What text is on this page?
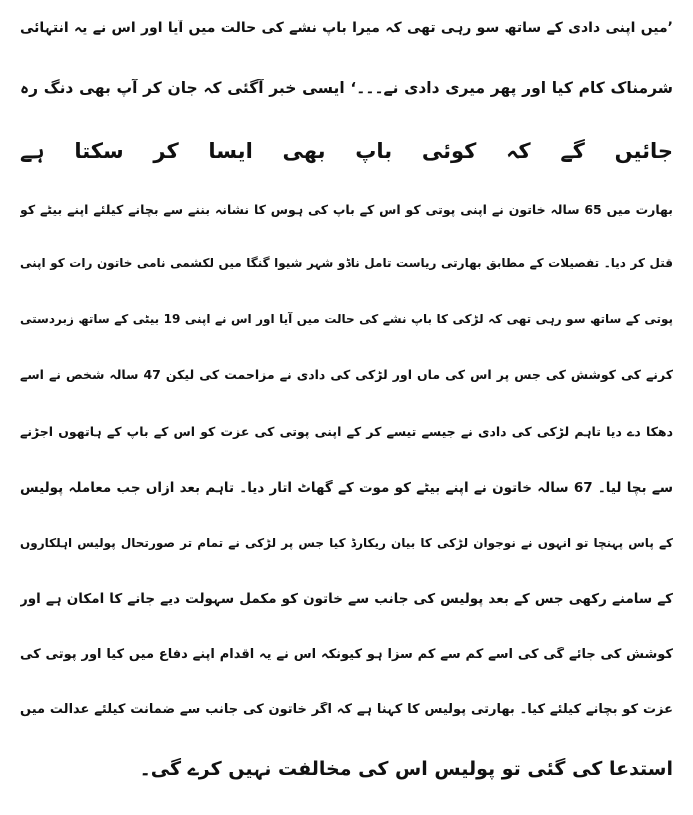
’میں اپنی دادی کے ساتھ سو رہی تھی کہ میرا باپ نشے کی حالت میں آیا اور اس نے یہ انتہائی
شرمناک کام کیا اور پھر میری دادی نے۔۔۔‘ ایسی خبر آگئی کہ جان کر آپ بھی دنگ رہ
جائیں گے کہ کوئی باپ بھی ایسا کر سکتا ہے
بھارت میں 65 سالہ خاتون نے اپنی پوتی کو اس کے باپ کی ہوس کا نشانہ بننے سے بچانے کیلئے اپنے بیٹے کو
قتل کر دیا۔ تفصیلات کے مطابق بھارتی ریاست تامل ناڈو شہر شیوا گنگا میں لکشمی نامی خاتون رات کو اپنی
پوتی کے ساتھ سو رہی تھی کہ لڑکی کا باپ نشے کی حالت میں آیا اور اس نے اپنی 19 بیٹی کے ساتھ زبردستی
کرنے کی کوشش کی جس پر اس کی ماں اور لڑکی کی دادی نے مزاحمت کی لیکن 47 سالہ شخص نے اسے
دھکا دے دیا تاہم لڑکی کی دادی نے جیسے تیسے کر کے اپنی پوتی کی عزت کو اس کے باپ کے ہاتھوں اجڑنے
سے بچا لیا۔ 67 سالہ خاتون نے اپنے بیٹے کو موت کے گھاٹ اتار دیا۔ تاہم بعد ازاں جب معاملہ پولیس
کے پاس پہنچا تو انہوں نے نوجوان لڑکی کا بیان ریکارڈ کیا جس پر لڑکی نے تمام تر صورتحال پولیس اہلکاروں
کے سامنے رکھی جس کے بعد پولیس کی جانب سے خاتون کو مکمل سہولت دیے جانے کا امکان ہے اور
کوشش کی جائے گی کی اسے کم سے کم سزا ہو کیونکہ اس نے یہ اقدام اپنے دفاع میں کیا اور پوتی کی
عزت کو بچانے کیلئے کیا۔ بھارتی پولیس کا کہنا ہے کہ اگر خاتون کی جانب سے ضمانت کیلئے عدالت میں
استدعا کی گئی تو پولیس اس کی مخالفت نہیں کرے گی۔
